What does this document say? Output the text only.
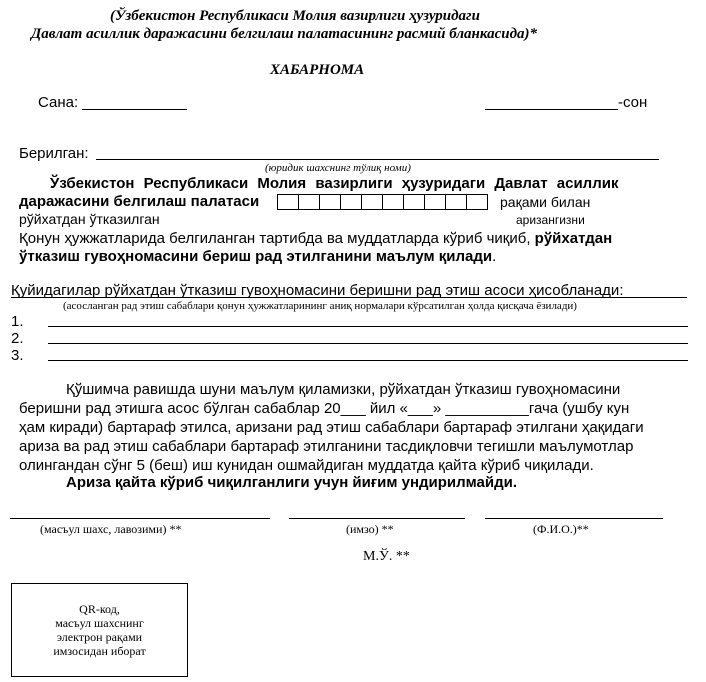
(Ўзбекистон Республикаси Молия вазирлиги ҳузуридаги
Давлат асиллик даражасини белгилаш палатасининг расмий бланкасида)*
ХАБАРНОМА
Сана:	-сон
Берилган:
(юридик шахснинг тўлиқ номи)
Ўзбекистон Республикаси Молия вазирлиги ҳузуридаги Давлат асиллик
даражасини белгилаш палатаси	рақами билан
рўйхатдан ўтказилган	аризангизни
Қонун ҳужжатларида белгиланган тартибда ва муддатларда кўриб чиқиб, рўйхатдан
ўтказиш гувоҳномасини бериш рад этилганини маълум қилади.
Қуйидагилар рўйхатдан ўтказиш гувоҳномасини беришни рад этиш асоси ҳисобланади:
(асосланган рад этиш сабаблари қонун ҳужжатларининг аниқ нормалари кўрсатилган ҳолда қисқача ёзилади)
1.
2.
3.
Қўшимча равишда шуни маълум қиламизки, рўйхатдан ўтказиш гувоҳномасини
беришни рад этишга асос бўлган сабаблар 20___ йил «___» __________гача (ушбу кун
ҳам киради) бартараф этилса, аризани рад этиш сабаблари бартараф этилгани ҳақидаги
ариза ва рад этиш сабаблари бартараф этилганини тасдиқловчи тегишли маълумотлар
олингандан сўнг 5 (беш) иш кунидан ошмайдиган муддатда қайта кўриб чиқилади.
Ариза қайта кўриб чиқилганлиги учун йиғим ундирилмайди.
(масъул шахс, лавозими) **	(имзо) **	(Ф.И.О.)**
М.Ў. **
QR-код,
масъул шахснинг
электрон рақами
имзосидан иборат
